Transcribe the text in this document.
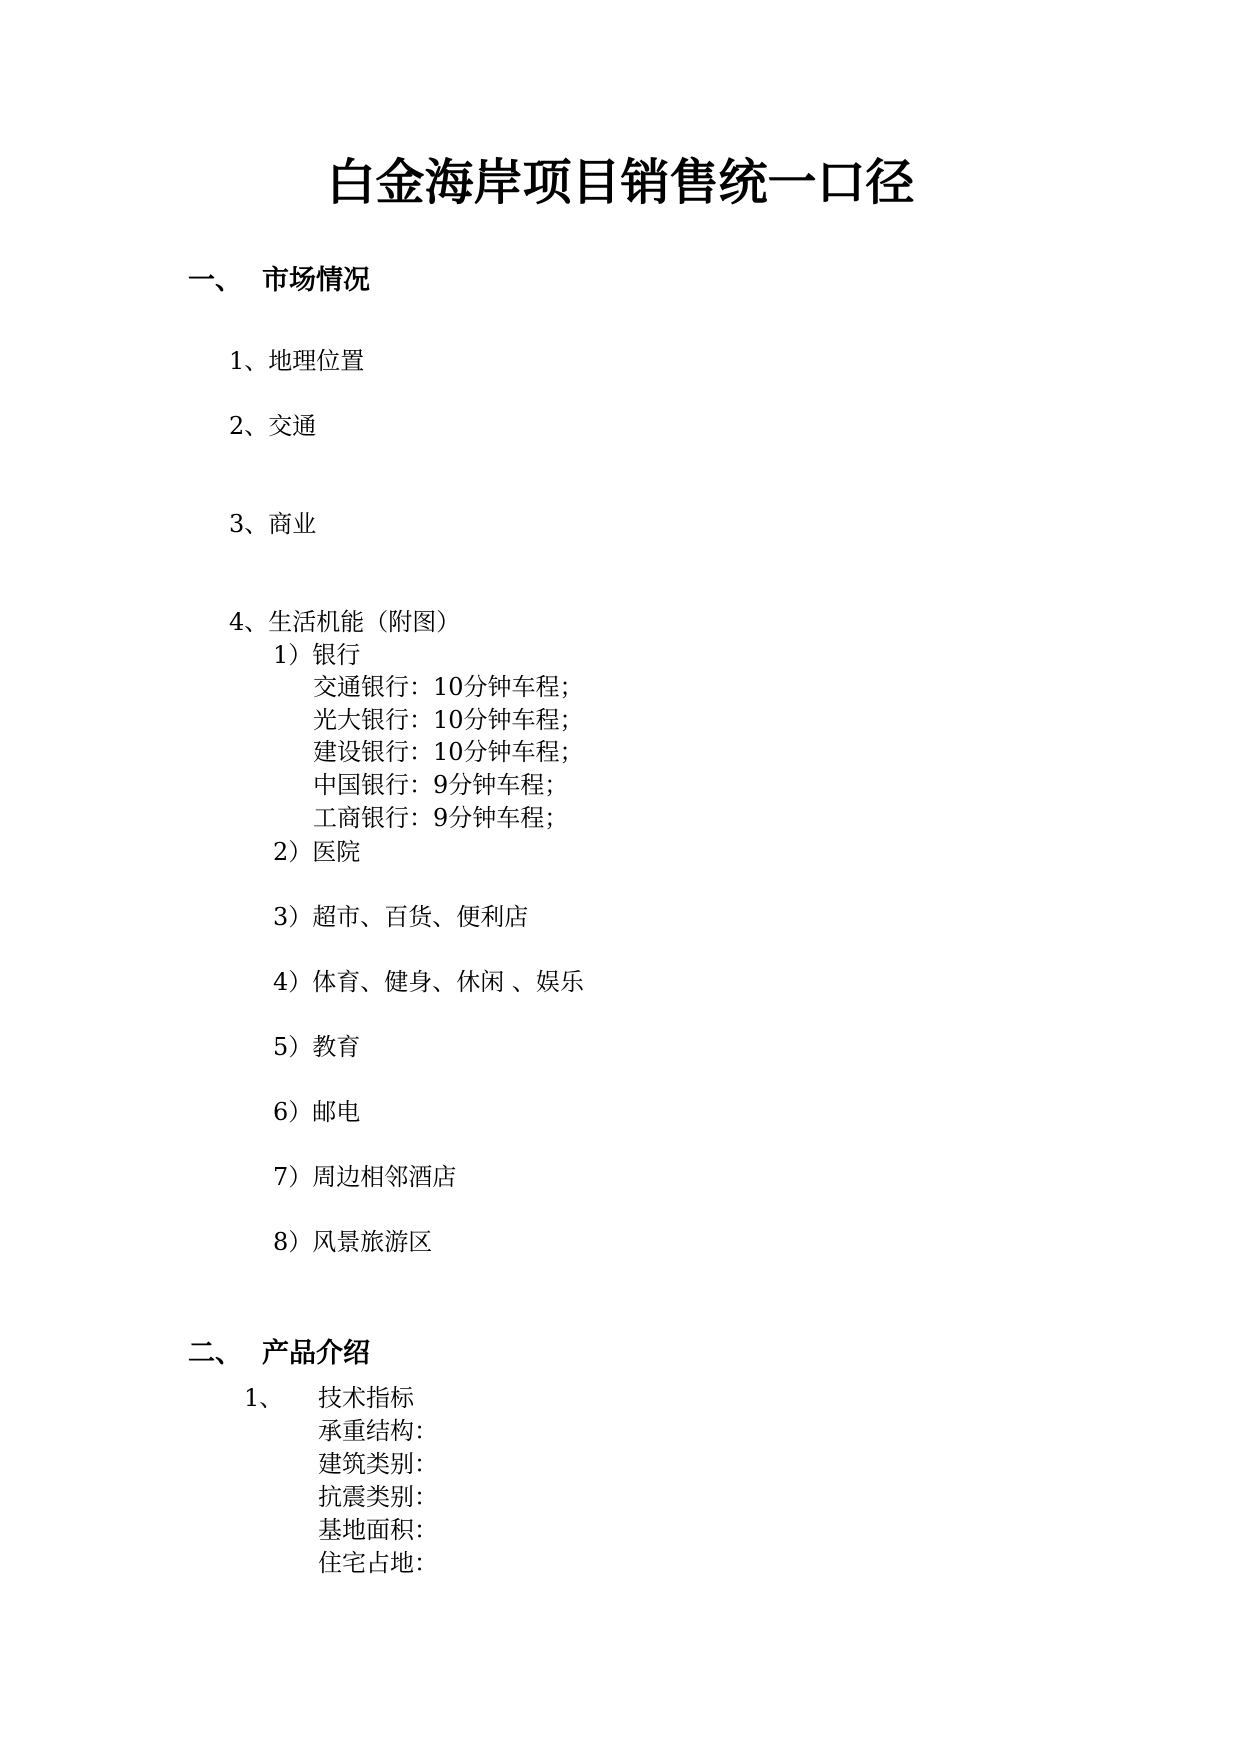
白金海岸项目销售统一口径
一、 市场情况
1、地理位置
2、交通
3、商业
4、生活机能（附图）
1）银行
交通银行：10分钟车程；
光大银行：10分钟车程；
建设银行：10分钟车程；
中国银行：9分钟车程；
工商银行：9分钟车程；
2）医院
3）超市、百货、便利店
4）体育、健身、休闲 、娱乐
5）教育
6）邮电
7）周边相邻酒店
8）风景旅游区
二、 产品介绍
1、 技术指标
承重结构：
建筑类别：
抗震类别：
基地面积：
住宅占地：
